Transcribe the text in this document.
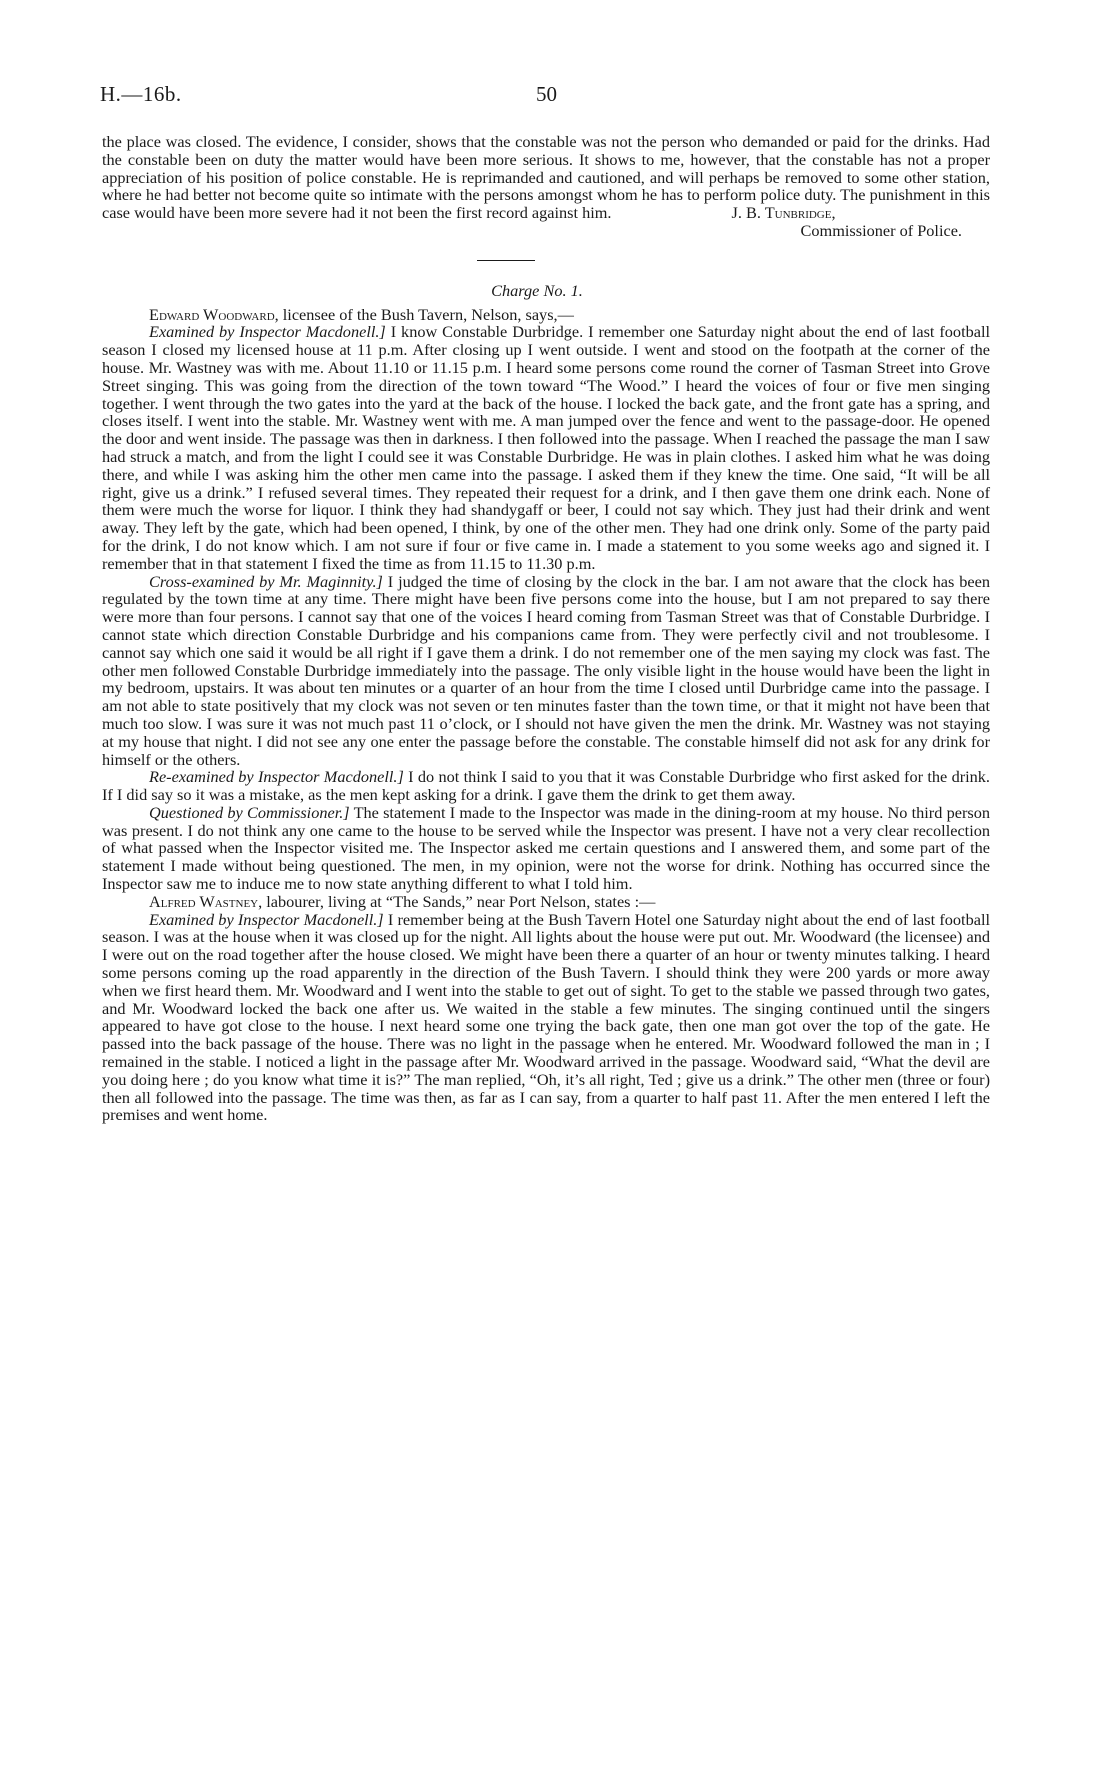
H.—16b.	50

the place was closed. The evidence, I consider, shows that the constable was not the person who demanded or paid for the drinks. Had the constable been on duty the matter would have been more serious. It shows to me, however, that the constable has not a proper appreciation of his position of police constable. He is reprimanded and cautioned, and will perhaps be removed to some other station, where he had better not become quite so intimate with the persons amongst whom he has to perform police duty. The punishment in this case would have been more severe had it not been the first record against him.	J. B. Tunbridge,

Commissioner of Police.

Charge No. 1.

Edward Woodward, licensee of the Bush Tavern, Nelson, says,—

Examined by Inspector Macdonell.] I know Constable Durbridge. I remember one Saturday night about the end of last football season I closed my licensed house at 11 p.m. After closing up I went outside. I went and stood on the footpath at the corner of the house. Mr. Wastney was with me. About 11.10 or 11.15 p.m. I heard some persons come round the corner of Tasman Street into Grove Street singing. This was going from the direction of the town toward “The Wood.” I heard the voices of four or five men singing together. I went through the two gates into the yard at the back of the house. I locked the back gate, and the front gate has a spring, and closes itself. I went into the stable. Mr. Wastney went with me. A man jumped over the fence and went to the passage-door. He opened the door and went inside. The passage was then in darkness. I then followed into the passage. When I reached the passage the man I saw had struck a match, and from the light I could see it was Constable Durbridge. He was in plain clothes. I asked him what he was doing there, and while I was asking him the other men came into the passage. I asked them if they knew the time. One said, “It will be all right, give us a drink.” I refused several times. They repeated their request for a drink, and I then gave them one drink each. None of them were much the worse for liquor. I think they had shandygaff or beer, I could not say which. They just had their drink and went away. They left by the gate, which had been opened, I think, by one of the other men. They had one drink only. Some of the party paid for the drink, I do not know which. I am not sure if four or five came in. I made a statement to you some weeks ago and signed it. I remember that in that statement I fixed the time as from 11.15 to 11.30 p.m.

Cross-examined by Mr. Maginnity.] I judged the time of closing by the clock in the bar. I am not aware that the clock has been regulated by the town time at any time. There might have been five persons come into the house, but I am not prepared to say there were more than four persons. I cannot say that one of the voices I heard coming from Tasman Street was that of Constable Durbridge. I cannot state which direction Constable Durbridge and his companions came from. They were perfectly civil and not troublesome. I cannot say which one said it would be all right if I gave them a drink. I do not remember one of the men saying my clock was fast. The other men followed Constable Durbridge immediately into the passage. The only visible light in the house would have been the light in my bedroom, upstairs. It was about ten minutes or a quarter of an hour from the time I closed until Durbridge came into the passage. I am not able to state positively that my clock was not seven or ten minutes faster than the town time, or that it might not have been that much too slow. I was sure it was not much past 11 o’clock, or I should not have given the men the drink. Mr. Wastney was not staying at my house that night. I did not see any one enter the passage before the constable. The constable himself did not ask for any drink for himself or the others.

Re-examined by Inspector Macdonell.] I do not think I said to you that it was Constable Durbridge who first asked for the drink. If I did say so it was a mistake, as the men kept asking for a drink. I gave them the drink to get them away.

Questioned by Commissioner.] The statement I made to the Inspector was made in the dining-room at my house. No third person was present. I do not think any one came to the house to be served while the Inspector was present. I have not a very clear recollection of what passed when the Inspector visited me. The Inspector asked me certain questions and I answered them, and some part of the statement I made without being questioned. The men, in my opinion, were not the worse for drink. Nothing has occurred since the Inspector saw me to induce me to now state anything different to what I told him.

Alfred Wastney, labourer, living at “The Sands,” near Port Nelson, states :—

Examined by Inspector Macdonell.] I remember being at the Bush Tavern Hotel one Saturday night about the end of last football season. I was at the house when it was closed up for the night. All lights about the house were put out. Mr. Woodward (the licensee) and I were out on the road together after the house closed. We might have been there a quarter of an hour or twenty minutes talking. I heard some persons coming up the road apparently in the direction of the Bush Tavern. I should think they were 200 yards or more away when we first heard them. Mr. Woodward and I went into the stable to get out of sight. To get to the stable we passed through two gates, and Mr. Woodward locked the back one after us. We waited in the stable a few minutes. The singing continued until the singers appeared to have got close to the house. I next heard some one trying the back gate, then one man got over the top of the gate. He passed into the back passage of the house. There was no light in the passage when he entered. Mr. Woodward followed the man in ; I remained in the stable. I noticed a light in the passage after Mr. Woodward arrived in the passage. Woodward said, “What the devil are you doing here ; do you know what time it is?” The man replied, “Oh, it’s all right, Ted ; give us a drink.” The other men (three or four) then all followed into the passage. The time was then, as far as I can say, from a quarter to half past 11. After the men entered I left the premises and went home.
